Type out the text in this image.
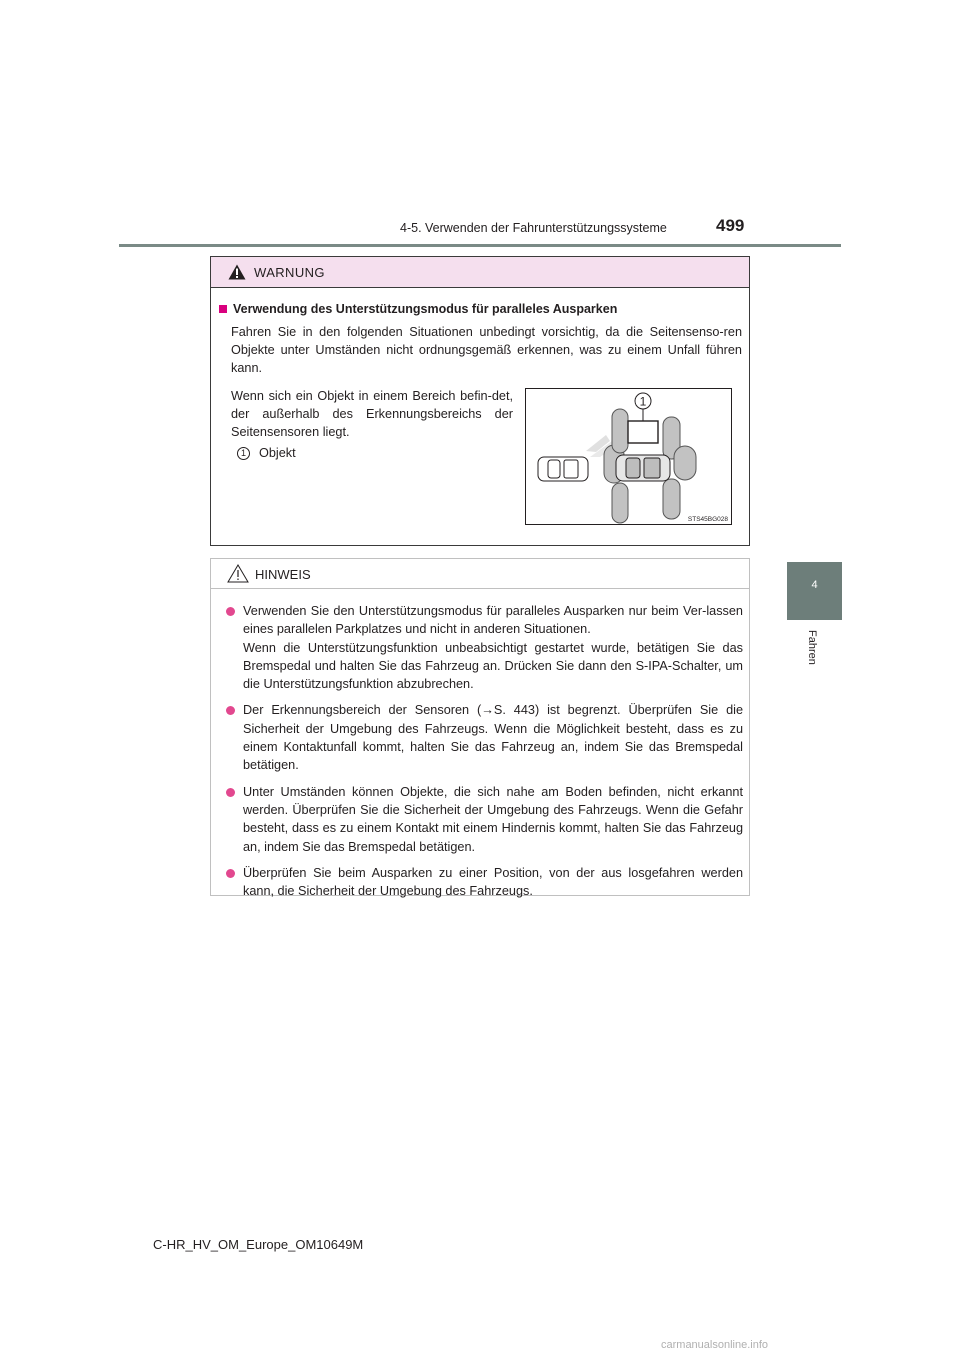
4-5. Verwenden der Fahrunterstützungssysteme	499
4
Fahren
WARNUNG
Verwendung des Unterstützungsmodus für paralleles Ausparken
Fahren Sie in den folgenden Situationen unbedingt vorsichtig, da die Seitensenso-ren Objekte unter Umständen nicht ordnungsgemäß erkennen, was zu einem Unfall führen kann.
Wenn sich ein Objekt in einem Bereich befin-det, der außerhalb des Erkennungsbereichs der Seitensensoren liegt.
1	Objekt
1
STS45BG028
HINWEIS

Verwenden Sie den Unterstützungsmodus für paralleles Ausparken nur beim Ver-lassen eines parallelen Parkplatzes und nicht in anderen Situationen.

Wenn die Unterstützungsfunktion unbeabsichtigt gestartet wurde, betätigen Sie das Bremspedal und halten Sie das Fahrzeug an. Drücken Sie dann den S-IPA-Schalter, um die Unterstützungsfunktion abzubrechen.

Der Erkennungsbereich der Sensoren (→S. 443) ist begrenzt. Überprüfen Sie die Sicherheit der Umgebung des Fahrzeugs. Wenn die Möglichkeit besteht, dass es zu einem Kontaktunfall kommt, halten Sie das Fahrzeug an, indem Sie das Bremspedal betätigen.

Unter Umständen können Objekte, die sich nahe am Boden befinden, nicht erkannt werden. Überprüfen Sie die Sicherheit der Umgebung des Fahrzeugs. Wenn die Gefahr besteht, dass es zu einem Kontakt mit einem Hindernis kommt, halten Sie das Fahrzeug an, indem Sie das Bremspedal betätigen.

Überprüfen Sie beim Ausparken zu einer Position, von der aus losgefahren werden kann, die Sicherheit der Umgebung des Fahrzeugs.

C-HR_HV_OM_Europe_OM10649M
carmanualsonline.info
